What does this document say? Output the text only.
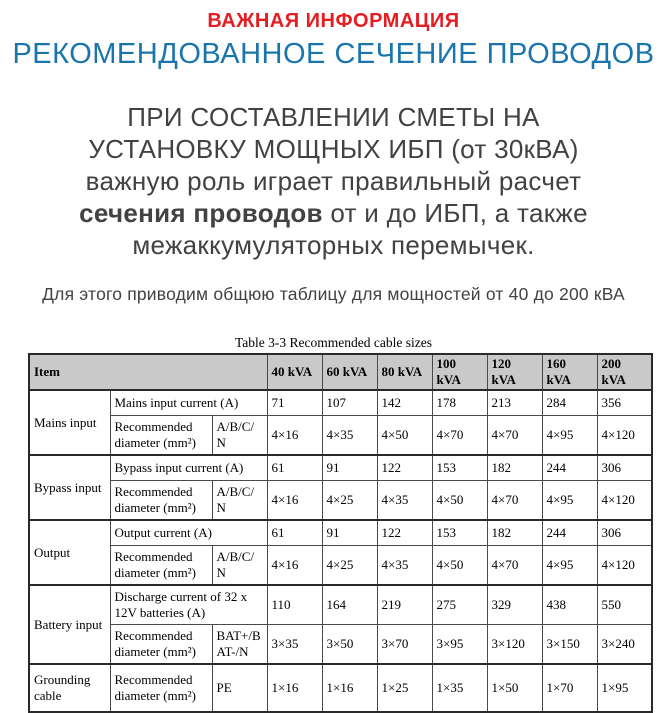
ВАЖНАЯ ИНФОРМАЦИЯ
РЕКОМЕНДОВАННОЕ СЕЧЕНИЕ ПРОВОДОВ
ПРИ СОСТАВЛЕНИИ СМЕТЫ НА
УСТАНОВКУ МОЩНЫХ ИБП (от 30кВА)
важную роль играет правильный расчет
сечения проводов от и до ИБП, а также
межаккумуляторных перемычек.
Для этого приводим общюю таблицу для мощностей от 40 до 200 кВА
Table 3-3 Recommended cable sizes
Item			40 kVA	60 kVA	80 kVA	100 kVA	120 kVA	160 kVA	200 kVA
Mains input	Mains input current (A)		71	107	142	178	213	284	356
	Recommended diameter (mm²)	A/B/C/N	4×16	4×35	4×50	4×70	4×70	4×95	4×120
Bypass input	Bypass input current (A)		61	91	122	153	182	244	306
	Recommended diameter (mm²)	A/B/C/N	4×16	4×25	4×35	4×50	4×70	4×95	4×120
Output	Output current (A)		61	91	122	153	182	244	306
	Recommended diameter (mm²)	A/B/C/N	4×16	4×25	4×35	4×50	4×70	4×95	4×120
Battery input	Discharge current of 32 x 12V batteries (A)		110	164	219	275	329	438	550
	Recommended diameter (mm²)	BAT+/BAT-/N	3×35	3×50	3×70	3×95	3×120	3×150	3×240
Grounding cable	Recommended diameter (mm²)	PE	1×16	1×16	1×25	1×35	1×50	1×70	1×95
